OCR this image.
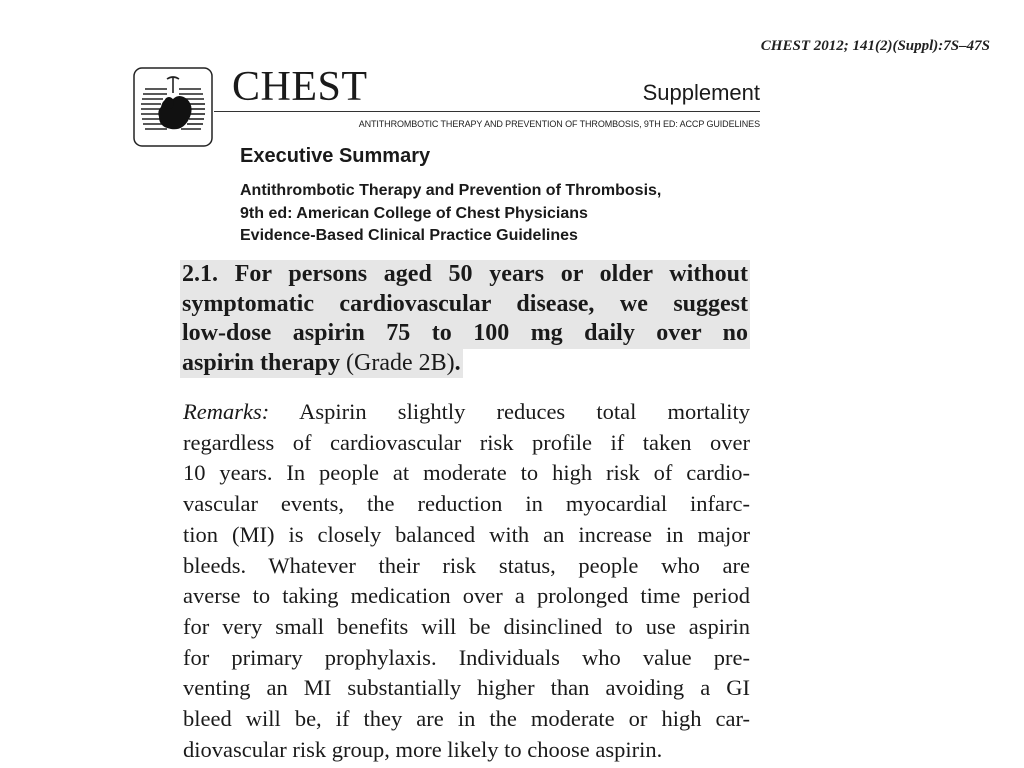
CHEST 2012; 141(2)(Suppl):7S–47S
CHEST	Supplement
ANTITHROMBOTIC THERAPY AND PREVENTION OF THROMBOSIS, 9TH ED: ACCP GUIDELINES
Executive Summary
Antithrombotic Therapy and Prevention of Thrombosis,
9th ed: American College of Chest Physicians
Evidence-Based Clinical Practice Guidelines
2.1. For persons aged 50 years or older without
symptomatic cardiovascular disease, we suggest
low-dose aspirin 75 to 100 mg daily over no
aspirin therapy (Grade 2B).
Remarks: Aspirin slightly reduces total mortality
regardless of cardiovascular risk profile if taken over
10 years. In people at moderate to high risk of cardio-
vascular events, the reduction in myocardial infarc-
tion (MI) is closely balanced with an increase in major
bleeds. Whatever their risk status, people who are
averse to taking medication over a prolonged time period
for very small benefits will be disinclined to use aspirin
for primary prophylaxis. Individuals who value pre-
venting an MI substantially higher than avoiding a GI
bleed will be, if they are in the moderate or high car-
diovascular risk group, more likely to choose aspirin.
